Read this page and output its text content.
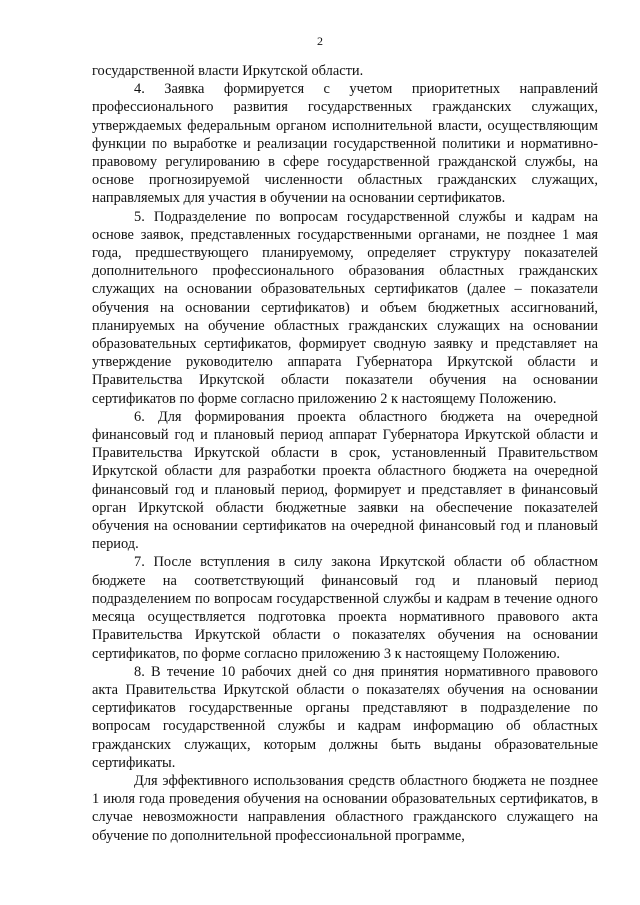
2

государственной власти Иркутской области.

4. Заявка формируется с учетом приоритетных направлений профессионального развития государственных гражданских служащих, утверждаемых федеральным органом исполнительной власти, осуществляющим функции по выработке и реализации государственной политики и нормативно-правовому регулированию в сфере государственной гражданской службы, на основе прогнозируемой численности областных гражданских служащих, направляемых для участия в обучении на основании сертификатов.

5. Подразделение по вопросам государственной службы и кадрам на основе заявок, представленных государственными органами, не позднее 1 мая года, предшествующего планируемому, определяет структуру показателей дополнительного профессионального образования областных гражданских служащих на основании образовательных сертификатов (далее – показатели обучения на основании сертификатов) и объем бюджетных ассигнований, планируемых на обучение областных гражданских служащих на основании образовательных сертификатов, формирует сводную заявку и представляет на утверждение руководителю аппарата Губернатора Иркутской области и Правительства Иркутской области показатели обучения на основании сертификатов по форме согласно приложению 2 к настоящему Положению.

6. Для формирования проекта областного бюджета на очередной финансовый год и плановый период аппарат Губернатора Иркутской области и Правительства Иркутской области в срок, установленный Правительством Иркутской области для разработки проекта областного бюджета на очередной финансовый год и плановый период, формирует и представляет в финансовый орган Иркутской области бюджетные заявки на обеспечение показателей обучения на основании сертификатов на очередной финансовый год и плановый период.

7. После вступления в силу закона Иркутской области об областном бюджете на соответствующий финансовый год и плановый период подразделением по вопросам государственной службы и кадрам в течение одного месяца осуществляется подготовка проекта нормативного правового акта Правительства Иркутской области о показателях обучения на основании сертификатов, по форме согласно приложению 3 к настоящему Положению.

8. В течение 10 рабочих дней со дня принятия нормативного правового акта Правительства Иркутской области о показателях обучения на основании сертификатов государственные органы представляют в подразделение по вопросам государственной службы и кадрам информацию об областных гражданских служащих, которым должны быть выданы образовательные сертификаты.

Для эффективного использования средств областного бюджета не позднее 1 июля года проведения обучения на основании образовательных сертификатов, в случае невозможности направления областного гражданского служащего на обучение по дополнительной профессиональной программе,
